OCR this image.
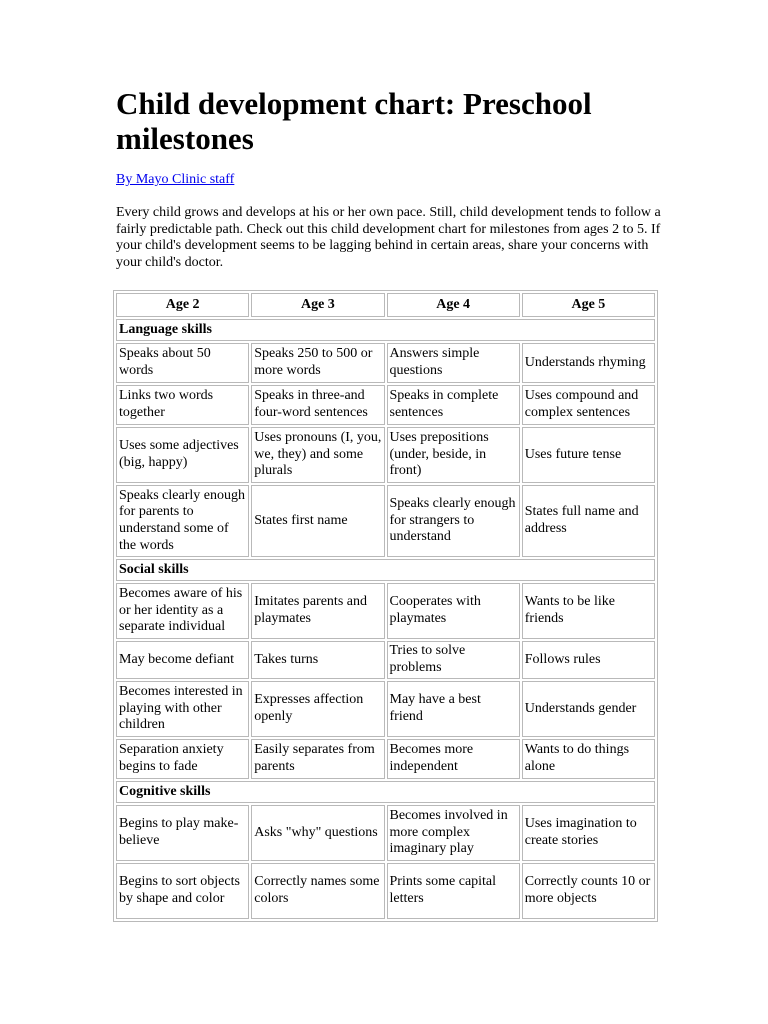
Child development chart: Preschool milestones
By Mayo Clinic staff

Every child grows and develops at his or her own pace. Still, child development tends to follow a fairly predictable path. Check out this child development chart for milestones from ages 2 to 5. If your child's development seems to be lagging behind in certain areas, share your concerns with your child's doctor.

Age 2	Age 3	Age 4	Age 5
Language skills			
Speaks about 50 words	Speaks 250 to 500 or more words	Answers simple questions	Understands rhyming
Links two words together	Speaks in three-and four-word sentences	Speaks in complete sentences	Uses compound and complex sentences
Uses some adjectives (big, happy)	Uses pronouns (I, you, we, they) and some plurals	Uses prepositions (under, beside, in front)	Uses future tense
Speaks clearly enough for parents to understand some of the words	States first name	Speaks clearly enough for strangers to understand	States full name and address
Social skills			
Becomes aware of his or her identity as a separate individual	Imitates parents and playmates	Cooperates with playmates	Wants to be like friends
May become defiant	Takes turns	Tries to solve problems	Follows rules
Becomes interested in playing with other children	Expresses affection openly	May have a best friend	Understands gender
Separation anxiety begins to fade	Easily separates from parents	Becomes more independent	Wants to do things alone
Cognitive skills			
Begins to play make-believe	Asks "why" questions	Becomes involved in more complex imaginary play	Uses imagination to create stories
Begins to sort objects by shape and color	Correctly names some colors	Prints some capital letters	Correctly counts 10 or more objects
